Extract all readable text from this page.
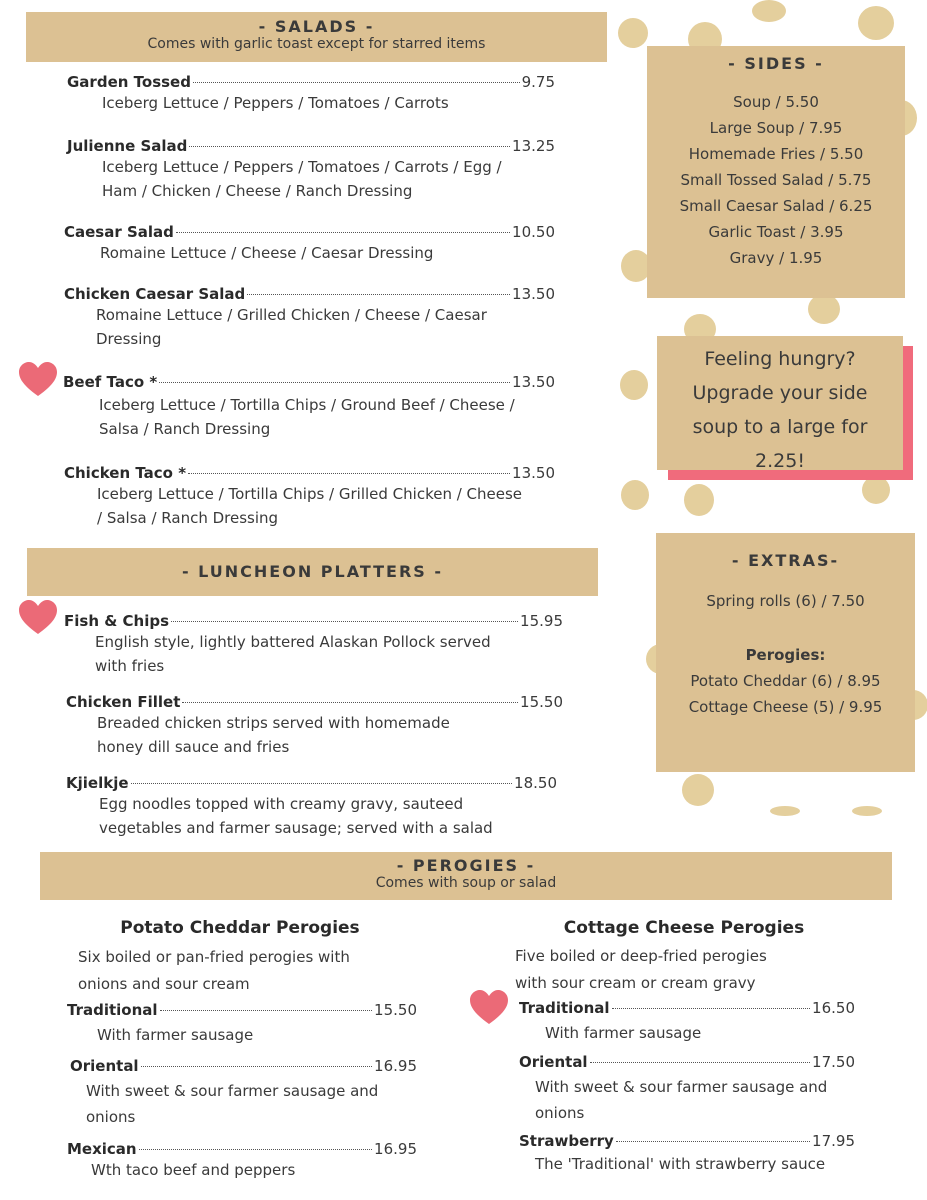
- SALADS -
Comes with garlic toast except for starred items
Garden Tossed	9.75
Iceberg Lettuce / Peppers / Tomatoes / Carrots
Julienne Salad	13.25
Iceberg Lettuce / Peppers / Tomatoes / Carrots / Egg /
Ham / Chicken / Cheese / Ranch Dressing
Caesar Salad	10.50
Romaine Lettuce / Cheese / Caesar Dressing
Chicken Caesar Salad	13.50
Romaine Lettuce / Grilled Chicken / Cheese / Caesar
Dressing
Beef Taco *	13.50
Iceberg Lettuce / Tortilla Chips / Ground Beef / Cheese /
Salsa / Ranch Dressing
Chicken Taco *	13.50
Iceberg Lettuce / Tortilla Chips / Grilled Chicken / Cheese
/ Salsa / Ranch Dressing
- LUNCHEON PLATTERS -
Fish & Chips	15.95
English style, lightly battered Alaskan Pollock served
with fries
Chicken Fillet	15.50
Breaded chicken strips served with homemade
honey dill sauce and fries
Kjielkje	18.50
Egg noodles topped with creamy gravy, sauteed
vegetables and farmer sausage; served with a salad
- SIDES -
Soup / 5.50
Large Soup / 7.95
Homemade Fries / 5.50
Small Tossed Salad / 5.75
Small Caesar Salad / 6.25
Garlic Toast / 3.95
Gravy / 1.95
Feeling hungry?
Upgrade your side
soup to a large for
2.25!
- EXTRAS-
Spring rolls (6) / 7.50
Perogies:
Potato Cheddar (6) / 8.95
Cottage Cheese (5) / 9.95
- PEROGIES -
Comes with soup or salad
Potato Cheddar Perogies
Six boiled or pan-fried perogies with
onions and sour cream
Traditional	15.50
With farmer sausage
Oriental	16.95
With sweet & sour farmer sausage and
onions
Mexican	16.95
Wth taco beef and peppers
Cottage Cheese Perogies
Five boiled or deep-fried perogies
with sour cream or cream gravy
Traditional	16.50
With farmer sausage
Oriental	17.50
With sweet & sour farmer sausage and
onions
Strawberry	17.95
The 'Traditional' with strawberry sauce
